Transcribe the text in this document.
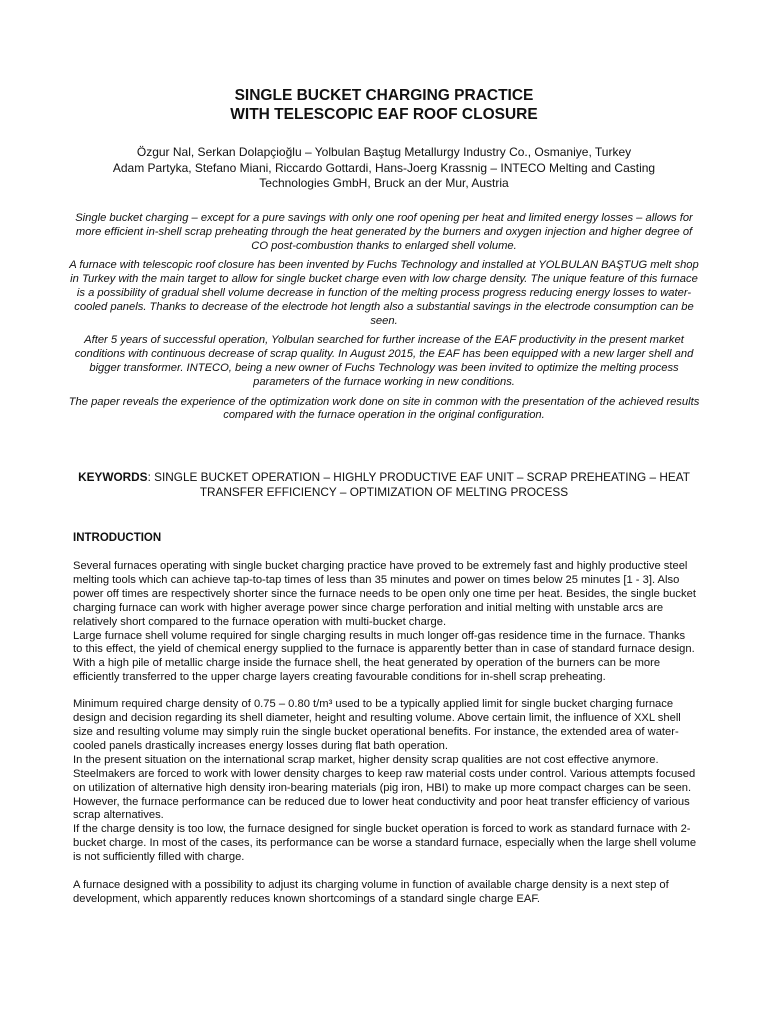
SINGLE BUCKET CHARGING PRACTICE
WITH TELESCOPIC EAF ROOF CLOSURE
Özgur Nal, Serkan Dolapçioğlu – Yolbulan Baştug Metallurgy Industry Co., Osmaniye, Turkey
Adam Partyka, Stefano Miani, Riccardo Gottardi, Hans-Joerg Krassnig – INTECO Melting and Casting
Technologies GmbH, Bruck an der Mur, Austria

Single bucket charging – except for a pure savings with only one roof opening per heat and limited energy losses – allows for more efficient in-shell scrap preheating through the heat generated by the burners and oxygen injection and higher degree of CO post-combustion thanks to enlarged shell volume.

A furnace with telescopic roof closure has been invented by Fuchs Technology and installed at YOLBULAN BAŞTUG melt shop in Turkey with the main target to allow for single bucket charge even with low charge density. The unique feature of this furnace is a possibility of gradual shell volume decrease in function of the melting process progress reducing energy losses to water-cooled panels. Thanks to decrease of the electrode hot length also a substantial savings in the electrode consumption can be seen.

After 5 years of successful operation, Yolbulan searched for further increase of the EAF productivity in the present market conditions with continuous decrease of scrap quality. In August 2015, the EAF has been equipped with a new larger shell and bigger transformer. INTECO, being a new owner of Fuchs Technology was been invited to optimize the melting process parameters of the furnace working in new conditions.

The paper reveals the experience of the optimization work done on site in common with the presentation of the achieved results compared with the furnace operation in the original configuration.

KEYWORDS: SINGLE BUCKET OPERATION – HIGHLY PRODUCTIVE EAF UNIT – SCRAP PREHEATING – HEAT TRANSFER EFFICIENCY – OPTIMIZATION OF MELTING PROCESS
INTRODUCTION

Several furnaces operating with single bucket charging practice have proved to be extremely fast and highly productive steel melting tools which can achieve tap-to-tap times of less than 35 minutes and power on times below 25 minutes [1 - 3]. Also power off times are respectively shorter since the furnace needs to be open only one time per heat. Besides, the single bucket charging furnace can work with higher average power since charge perforation and initial melting with unstable arcs are relatively short compared to the furnace operation with multi-bucket charge.

Large furnace shell volume required for single charging results in much longer off-gas residence time in the furnace. Thanks to this effect, the yield of chemical energy supplied to the furnace is apparently better than in case of standard furnace design. With a high pile of metallic charge inside the furnace shell, the heat generated by operation of the burners can be more efficiently transferred to the upper charge layers creating favourable conditions for in-shell scrap preheating.

Minimum required charge density of 0.75 – 0.80 t/m³ used to be a typically applied limit for single bucket charging furnace design and decision regarding its shell diameter, height and resulting volume. Above certain limit, the influence of XXL shell size and resulting volume may simply ruin the single bucket operational benefits. For instance, the extended area of water-cooled panels drastically increases energy losses during flat bath operation.

In the present situation on the international scrap market, higher density scrap qualities are not cost effective anymore. Steelmakers are forced to work with lower density charges to keep raw material costs under control. Various attempts focused on utilization of alternative high density iron-bearing materials (pig iron, HBI) to make up more compact charges can be seen. However, the furnace performance can be reduced due to lower heat conductivity and poor heat transfer efficiency of various scrap alternatives.

If the charge density is too low, the furnace designed for single bucket operation is forced to work as standard furnace with 2-bucket charge. In most of the cases, its performance can be worse a standard furnace, especially when the large shell volume is not sufficiently filled with charge.

A furnace designed with a possibility to adjust its charging volume in function of available charge density is a next step of development, which apparently reduces known shortcomings of a standard single charge EAF.
